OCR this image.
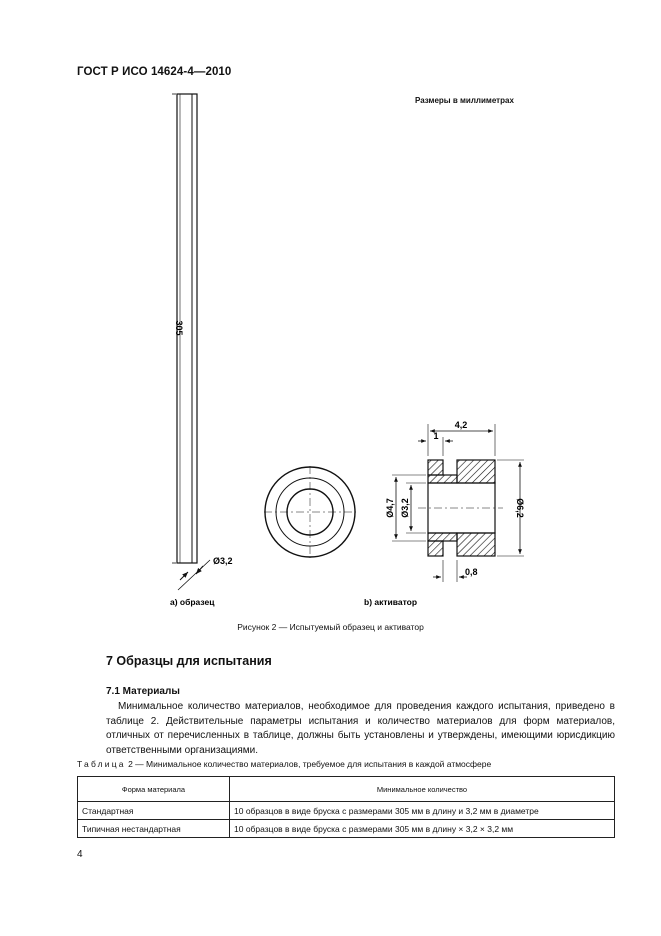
ГОСТ Р ИСО 14624-4—2010
Размеры в миллиметрах
305
Ø3,2
4,2
1
0,8
Ø6,2
Ø4,7 Ø3,2
а) образец	b) активатор
Рисунок 2 — Испытуемый образец и активатор
7 Образцы для испытания
7.1 Материалы
Минимальное количество материалов, необходимое для проведения каждого испытания, приведено в таблице 2. Действительные параметры испытания и количество материалов для форм материалов, отличных от перечисленных в таблице, должны быть установлены и утверждены, имеющими юрисдикцию ответственными организациями.
Таблица 2 — Минимальное количество материалов, требуемое для испытания в каждой атмосфере
Форма материала	Минимальное количество
Стандартная	10 образцов в виде бруска с размерами 305 мм в длину и 3,2 мм в диаметре
Типичная нестандартная	10 образцов в виде бруска с размерами 305 мм в длину × 3,2 × 3,2 мм
4
